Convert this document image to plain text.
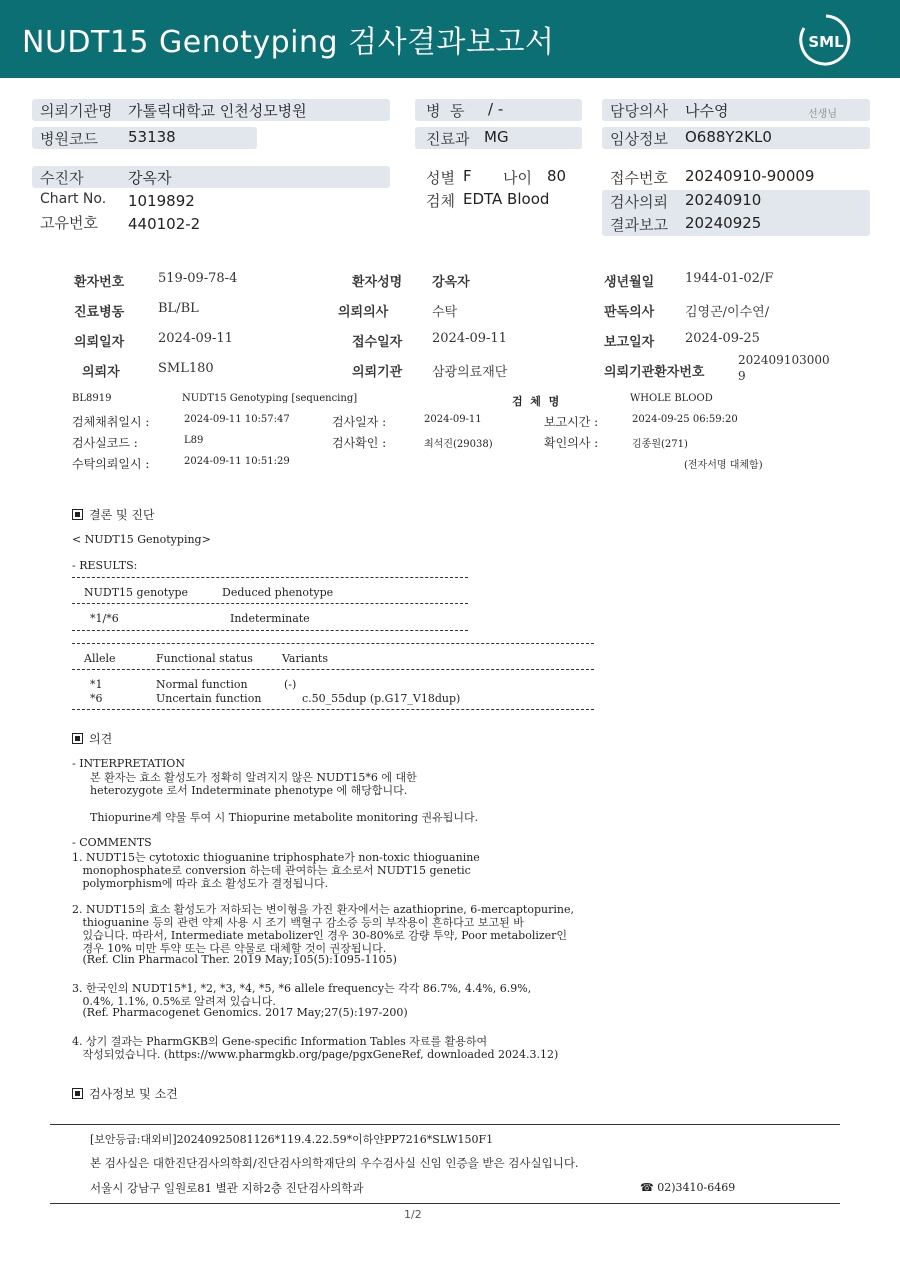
NUDT15 Genotyping 검사결과보고서	SML
의뢰기관명 가톨릭대학교 인천성모병원
병원코드 53138
병  동 / -
진료과 MG
담당의사 나수영	선생님
임상정보 O688Y2KL0
수진자	강옥자
Chart No. 1019892
고유번호 440102-2
성별 F 나이 80
검체 EDTA Blood
접수번호 20240910-90009
검사의뢰 20240910
결과보고 20240925
환자번호	519-09-78-4	환자성명 강옥자	생년월일 1944-01-02/F
진료병동	BL/BL	의뢰의사	수탁	판독의사 김영곤/이수연/
의뢰일자	2024-09-11	접수일자 2024-09-11	보고일자 2024-09-25
의뢰자	SML180	의뢰기관 삼광의료재단	의뢰기관환자번호
202409103000
9
BL8919	NUDT15 Genotyping [sequencing]	검  체  명	WHOLE BLOOD
검체채취일시 :	2024-09-11 10:57:47	검사일자 :	2024-09-11	보고시간 :	2024-09-25 06:59:20
검사실코드 :	L89	검사확인 :	최석진(29038)	확인의사 :	김종원(271)
수탁의뢰일시 :	2024-09-11 10:51:29	(전자서명 대체함)
결론 및 진단
< NUDT15 Genotyping>
- RESULTS:
NUDT15 genotype	Deduced phenotype
*1/*6	Indeterminate
Allele	Functional status	Variants
*1	Normal function	(-)
*6	Uncertain function	c.50_55dup (p.G17_V18dup)
의견
- INTERPRETATION
본 환자는 효소 활성도가 정확히 알려지지 않은 NUDT15*6 에 대한
heterozygote 로서 Indeterminate phenotype 에 해당합니다.
Thiopurine계 약물 투여 시 Thiopurine metabolite monitoring 권유됩니다.
- COMMENTS
1. NUDT15는 cytotoxic thioguanine triphosphate가 non-toxic thioguanine
monophosphate로 conversion 하는데 관여하는 효소로서 NUDT15 genetic
polymorphism에 따라 효소 활성도가 결정됩니다.
2. NUDT15의 효소 활성도가 저하되는 변이형을 가진 환자에서는 azathioprine, 6-mercaptopurine,
thioguanine 등의 관련 약제 사용 시 조기 백혈구 감소증 등의 부작용이 흔하다고 보고된 바
있습니다. 따라서, Intermediate metabolizer인 경우 30-80%로 감량 투약, Poor metabolizer인
경우 10% 미만 투약 또는 다른 약물로 대체할 것이 권장됩니다.
(Ref. Clin Pharmacol Ther. 2019 May;105(5):1095-1105)
3. 한국인의 NUDT15*1, *2, *3, *4, *5, *6 allele frequency는 각각 86.7%, 4.4%, 6.9%,
0.4%, 1.1%, 0.5%로 알려져 있습니다.
(Ref. Pharmacogenet Genomics. 2017 May;27(5):197-200)
4. 상기 결과는 PharmGKB의 Gene-specific Information Tables 자료를 활용하여
작성되었습니다. (https://www.pharmgkb.org/page/pgxGeneRef, downloaded 2024.3.12)
검사정보 및 소견
[보안등급:대외비]20240925081126*119.4.22.59*이하얀PP7216*SLW150F1
본 검사실은 대한진단검사의학회/진단검사의학재단의 우수검사실 신임 인증을 받은 검사실입니다.
서울시 강남구 일원로81 별관 지하2층 진단검사의학과	☎ 02)3410-6469
1/2
